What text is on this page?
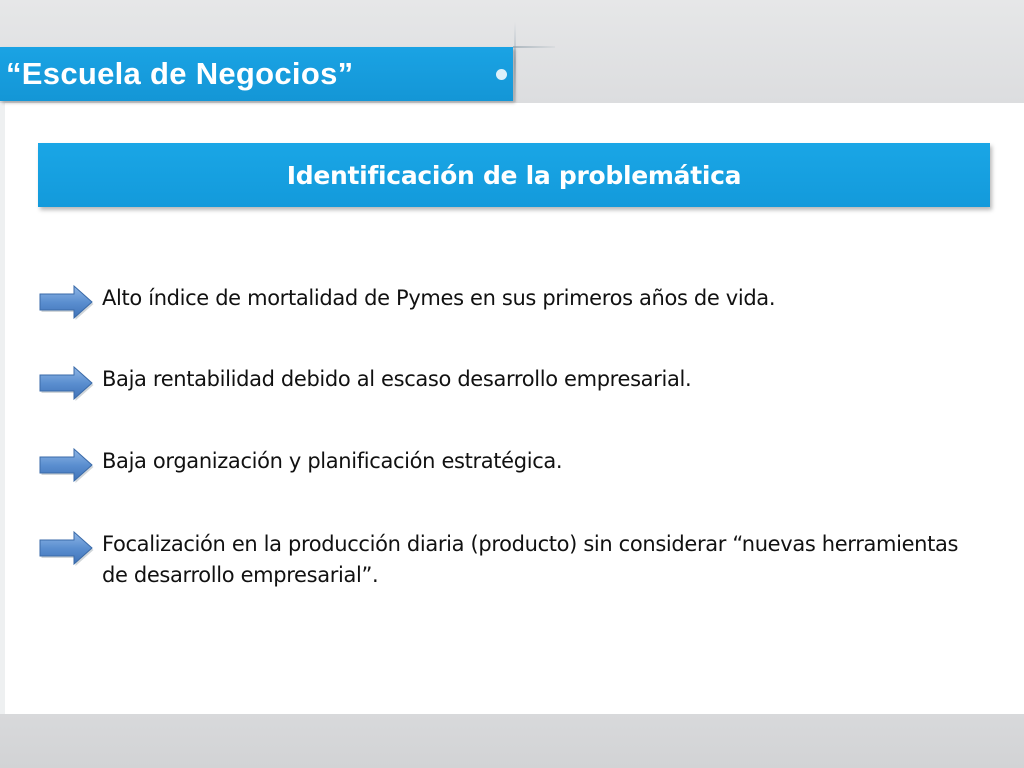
“Escuela de Negocios”
Identificación de la problemática
Alto índice de mortalidad de Pymes en sus primeros años de vida.
Baja rentabilidad debido al escaso desarrollo empresarial.
Baja organización y planificación estratégica.
Focalización en la producción diaria (producto) sin considerar “nuevas herramientas de desarrollo empresarial”.
